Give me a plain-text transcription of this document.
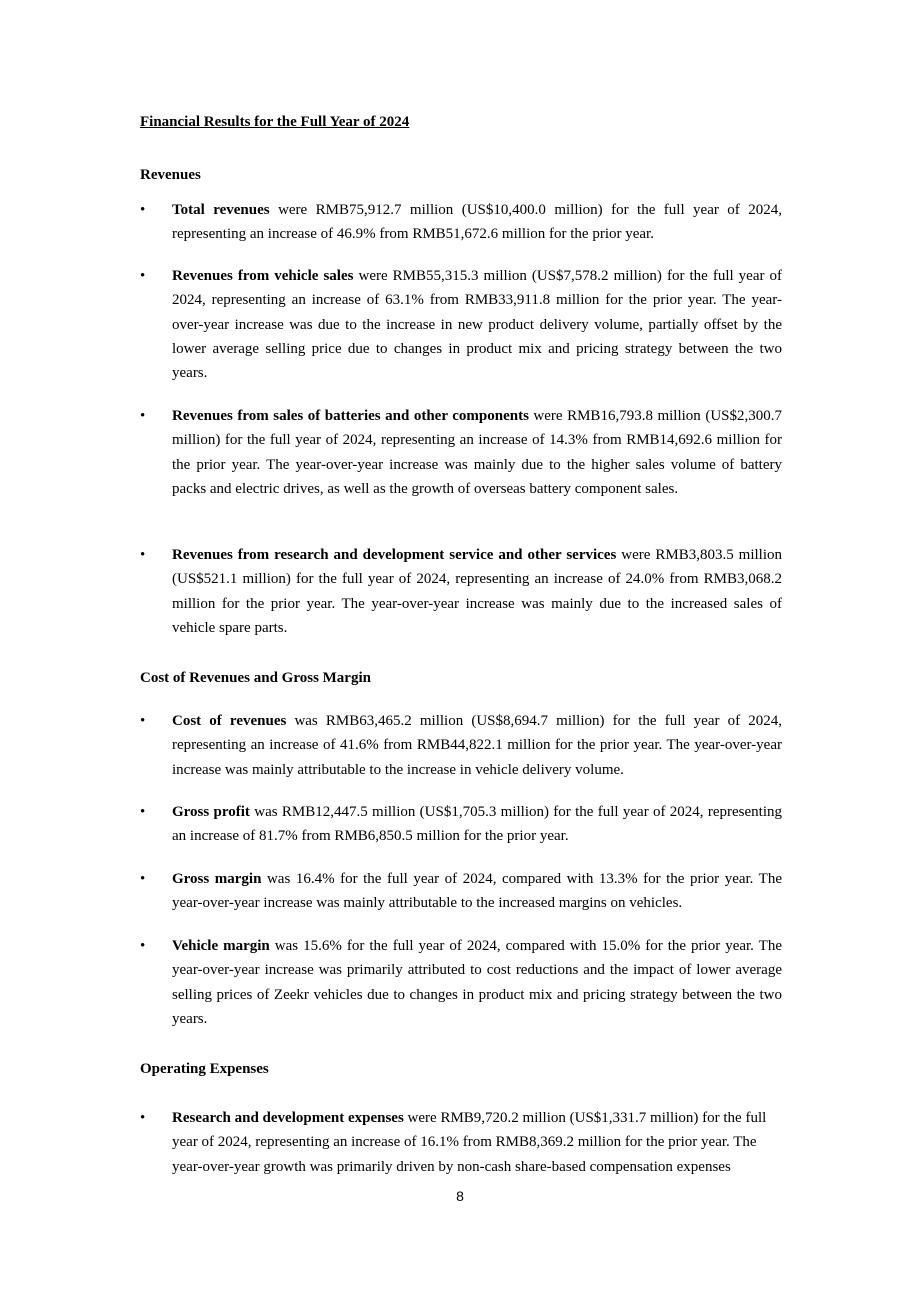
Financial Results for the Full Year of 2024
Revenues
•	Total revenues were RMB75,912.7 million (US$10,400.0 million) for the full year of 2024, representing an increase of 46.9% from RMB51,672.6 million for the prior year.
•	Revenues from vehicle sales were RMB55,315.3 million (US$7,578.2 million) for the full year of 2024, representing an increase of 63.1% from RMB33,911.8 million for the prior year. The year-over-year increase was due to the increase in new product delivery volume, partially offset by the lower average selling price due to changes in product mix and pricing strategy between the two years.
•	Revenues from sales of batteries and other components were RMB16,793.8 million (US$2,300.7 million) for the full year of 2024, representing an increase of 14.3% from RMB14,692.6 million for the prior year. The year-over-year increase was mainly due to the higher sales volume of battery packs and electric drives, as well as the growth of overseas battery component sales.
•	Revenues from research and development service and other services were RMB3,803.5 million (US$521.1 million) for the full year of 2024, representing an increase of 24.0% from RMB3,068.2 million for the prior year. The year-over-year increase was mainly due to the increased sales of vehicle spare parts.
Cost of Revenues and Gross Margin
•	Cost of revenues was RMB63,465.2 million (US$8,694.7 million) for the full year of 2024, representing an increase of 41.6% from RMB44,822.1 million for the prior year. The year-over-year increase was mainly attributable to the increase in vehicle delivery volume.
•	Gross profit was RMB12,447.5 million (US$1,705.3 million) for the full year of 2024, representing an increase of 81.7% from RMB6,850.5 million for the prior year.
•	Gross margin was 16.4% for the full year of 2024, compared with 13.3% for the prior year. The year-over-year increase was mainly attributable to the increased margins on vehicles.
•	Vehicle margin was 15.6% for the full year of 2024, compared with 15.0% for the prior year. The year-over-year increase was primarily attributed to cost reductions and the impact of lower average selling prices of Zeekr vehicles due to changes in product mix and pricing strategy between the two years.
Operating Expenses
•	Research and development expenses were RMB9,720.2 million (US$1,331.7 million) for the full year of 2024, representing an increase of 16.1% from RMB8,369.2 million for the prior year. The year-over-year growth was primarily driven by non-cash share-based compensation expenses
8
